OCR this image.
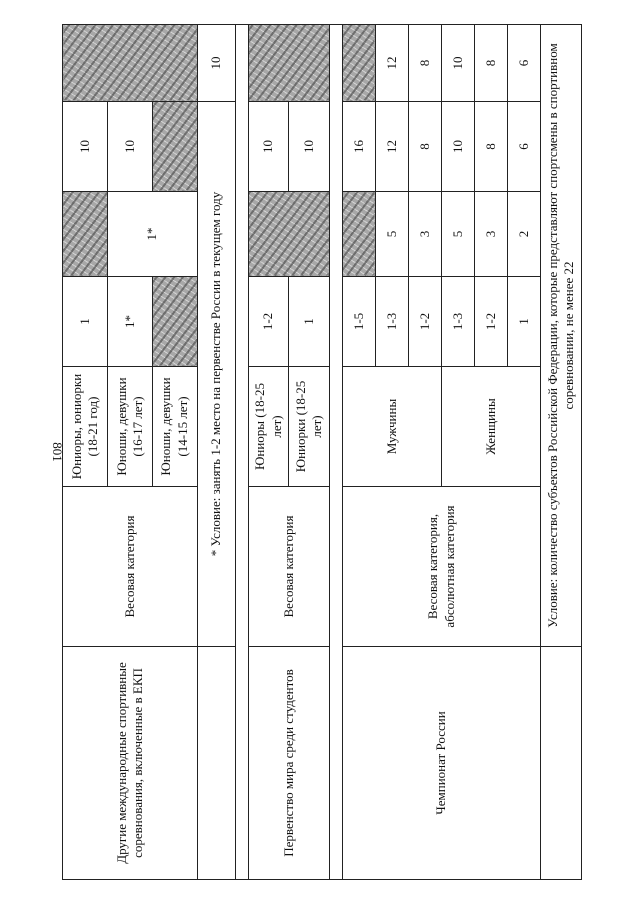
801
Другие международные спортивные соревнования, включенные в ЕКП	Весовая категория	Юниоры, юниорки (18-21 год)	1		10	
		Юноши, девушки (16-17 лет)	1*	1*	10	
		Юноши, девушки (14-15 лет)				
	* Условие: занять 1-2 место на первенстве России в текущем году					10

Первенство мира среди студентов	Весовая категория	Юниоры (18-25 лет)	1-2		10	
		Юниорки (18-25 лет)	1		10	

Чемпионат России	Весовая категория, абсолютная категория	Мужчины	1-5		16	
			1-3	5	12	12
			1-2	3	8	8
		Женщины	1-3	5	10	10
			1-2	3	8	8
			1	2	6	6
	Условие: количество субъектов Российской Федерации, которые представляют спортсмены в спортивном соревновании, не менее 22					
